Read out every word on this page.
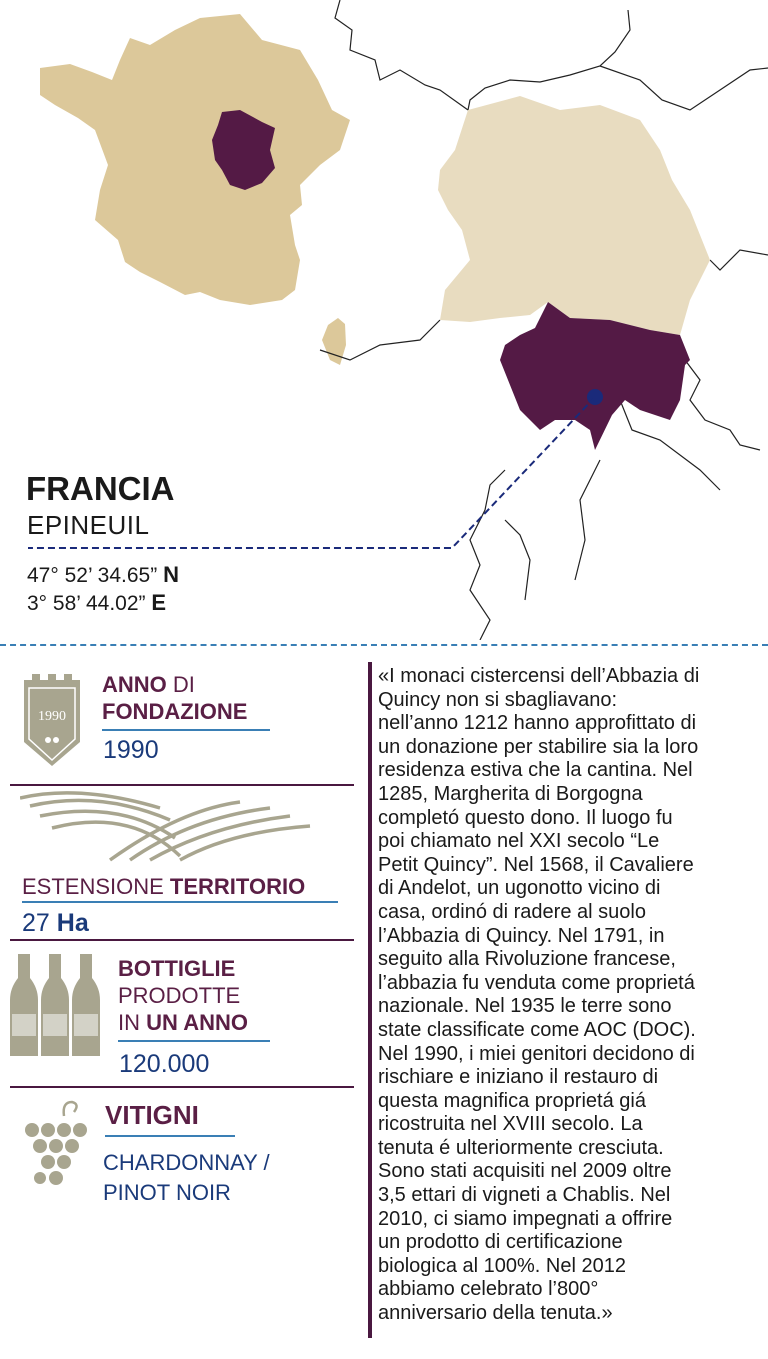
FRANCIA
EPINEUIL
47° 52’ 34.65” N
3° 58’ 44.02” E
1990
ANNO DI
FONDAZIONE
1990
ESTENSIONE TERRITORIO
27 Ha
BOTTIGLIE
PRODOTTE
IN UN ANNO
120.000
VITIGNI
CHARDONNAY /
PINOT NOIR

«I monaci cistercensi dell’Abbazia di

Quincy non si sbagliavano:

nell’anno 1212 hanno approfittato di

un donazione per stabilire sia la loro

residenza estiva che la cantina. Nel

1285, Margherita di Borgogna

completó questo dono. Il luogo fu

poi chiamato nel XXI secolo “Le

Petit Quincy”. Nel 1568, il Cavaliere

di Andelot, un ugonotto vicino di

casa, ordinó di radere al suolo

l’Abbazia di Quincy. Nel 1791, in

seguito alla Rivoluzione francese,

l’abbazia fu venduta come proprietá

nazionale. Nel 1935 le terre sono

state classificate come AOC (DOC).

Nel 1990, i miei genitori decidono di

rischiare e iniziano il restauro di

questa magnifica proprietá giá

ricostruita nel XVIII secolo. La

tenuta é ulteriormente cresciuta.

Sono stati acquisiti nel 2009 oltre

3,5 ettari di vigneti a Chablis. Nel

2010, ci siamo impegnati a offrire

un prodotto di certificazione

biologica al 100%. Nel 2012

abbiamo celebrato l’800°

anniversario della tenuta.»
